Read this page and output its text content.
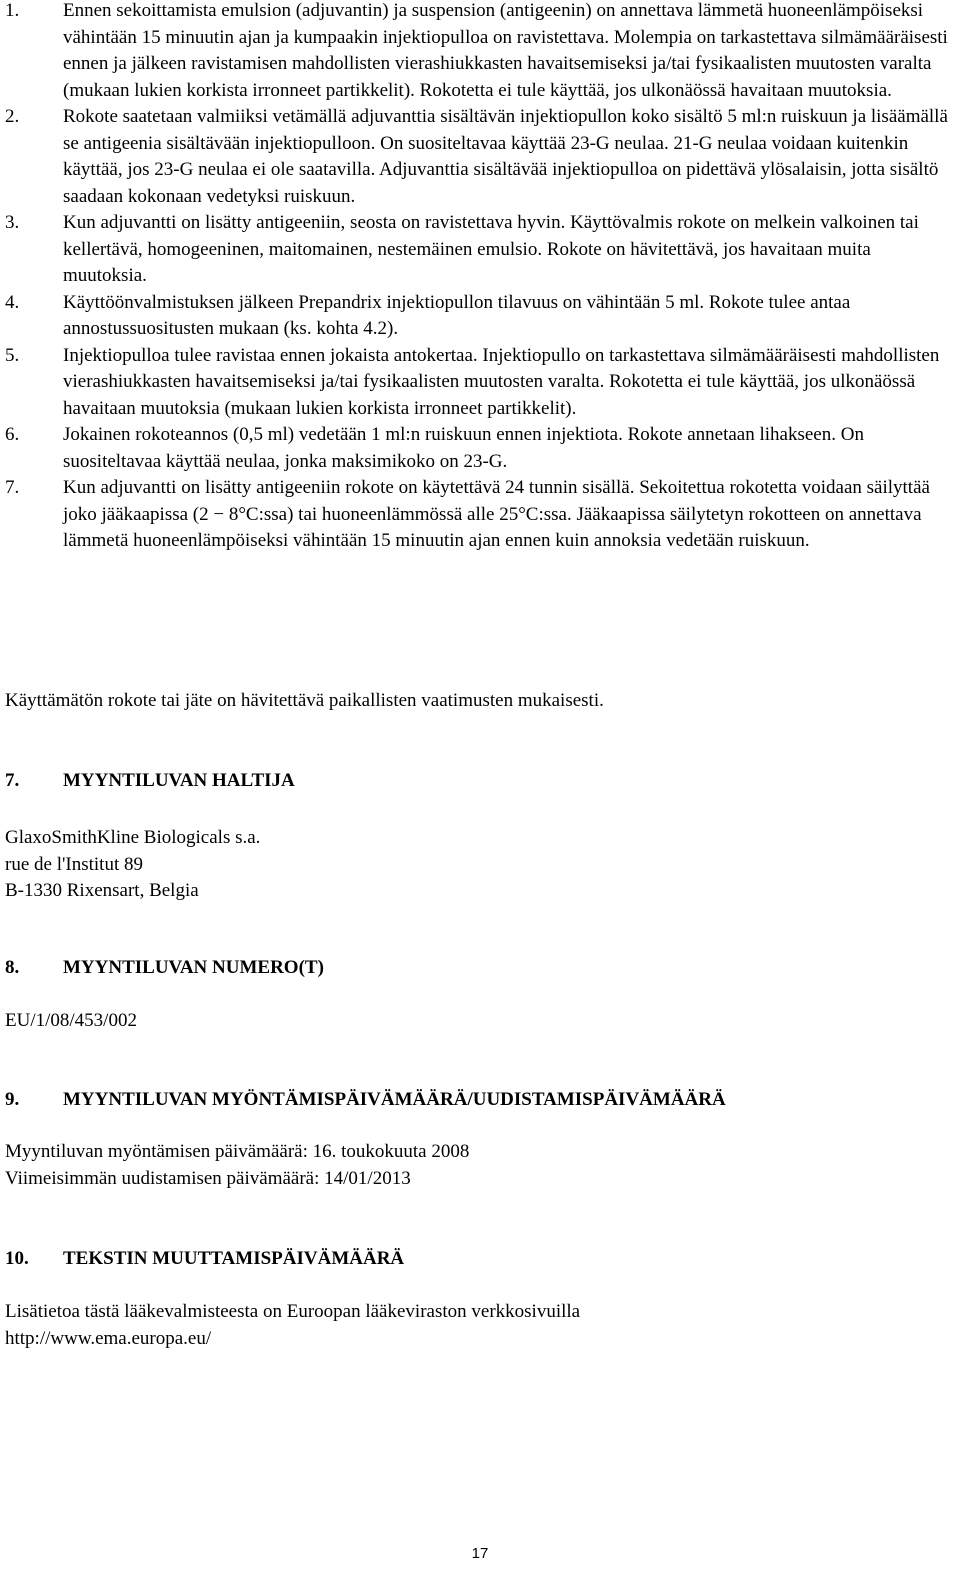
1. Ennen sekoittamista emulsion (adjuvantin) ja suspension (antigeenin) on annettava lämmetä huoneenlämpöiseksi vähintään 15 minuutin ajan ja kumpaakin injektiopulloa on ravistettava. Molempia on tarkastettava silmämääräisesti ennen ja jälkeen ravistamisen mahdollisten vierashiukkasten havaitsemiseksi ja/tai fysikaalisten muutosten varalta (mukaan lukien korkista irronneet partikkelit). Rokotetta ei tule käyttää, jos ulkonäössä havaitaan muutoksia.
2. Rokote saatetaan valmiiksi vetämällä adjuvanttia sisältävän injektiopullon koko sisältö 5 ml:n ruiskuun ja lisäämällä se antigeenia sisältävään injektiopulloon. On suositeltavaa käyttää 23-G neulaa. 21-G neulaa voidaan kuitenkin käyttää, jos 23-G neulaa ei ole saatavilla. Adjuvanttia sisältävää injektiopulloa on pidettävä ylösalaisin, jotta sisältö saadaan kokonaan vedetyksi ruiskuun.
3. Kun adjuvantti on lisätty antigeeniin, seosta on ravistettava hyvin. Käyttövalmis rokote on melkein valkoinen tai kellertävä, homogeeninen, maitomainen, nestemäinen emulsio. Rokote on hävitettävä, jos havaitaan muita muutoksia.
4. Käyttöönvalmistuksen jälkeen Prepandrix injektiopullon tilavuus on vähintään 5 ml. Rokote tulee antaa annostussuositusten mukaan (ks. kohta 4.2).
5. Injektiopulloa tulee ravistaa ennen jokaista antokertaa. Injektiopullo on tarkastettava silmämääräisesti mahdollisten vierashiukkasten havaitsemiseksi ja/tai fysikaalisten muutosten varalta. Rokotetta ei tule käyttää, jos ulkonäössä havaitaan muutoksia (mukaan lukien korkista irronneet partikkelit).
6. Jokainen rokoteannos (0,5 ml) vedetään 1 ml:n ruiskuun ennen injektiota. Rokote annetaan lihakseen. On suositeltavaa käyttää neulaa, jonka maksimikoko on 23-G.
7. Kun adjuvantti on lisätty antigeeniin rokote on käytettävä 24 tunnin sisällä. Sekoitettua rokotetta voidaan säilyttää joko jääkaapissa (2 − 8°C:ssa) tai huoneenlämmössä alle 25°C:ssa. Jääkaapissa säilytetyn rokotteen on annettava lämmetä huoneenlämpöiseksi vähintään 15 minuutin ajan ennen kuin annoksia vedetään ruiskuun.

Käyttämätön rokote tai jäte on hävitettävä paikallisten vaatimusten mukaisesti.

7. MYYNTILUVAN HALTIJA
GlaxoSmithKline Biologicals s.a.
rue de l'Institut 89
B-1330 Rixensart, Belgia
8. MYYNTILUVAN NUMERO(T)

EU/1/08/453/002

9. MYYNTILUVAN MYÖNTÄMISPÄIVÄMÄÄRÄ/UUDISTAMISPÄIVÄMÄÄRÄ
Myyntiluvan myöntämisen päivämäärä: 16. toukokuuta 2008
Viimeisimmän uudistamisen päivämäärä: 14/01/2013
10. TEKSTIN MUUTTAMISPÄIVÄMÄÄRÄ
Lisätietoa tästä lääkevalmisteesta on Euroopan lääkeviraston verkkosivuilla
http://www.ema.europa.eu/
17
